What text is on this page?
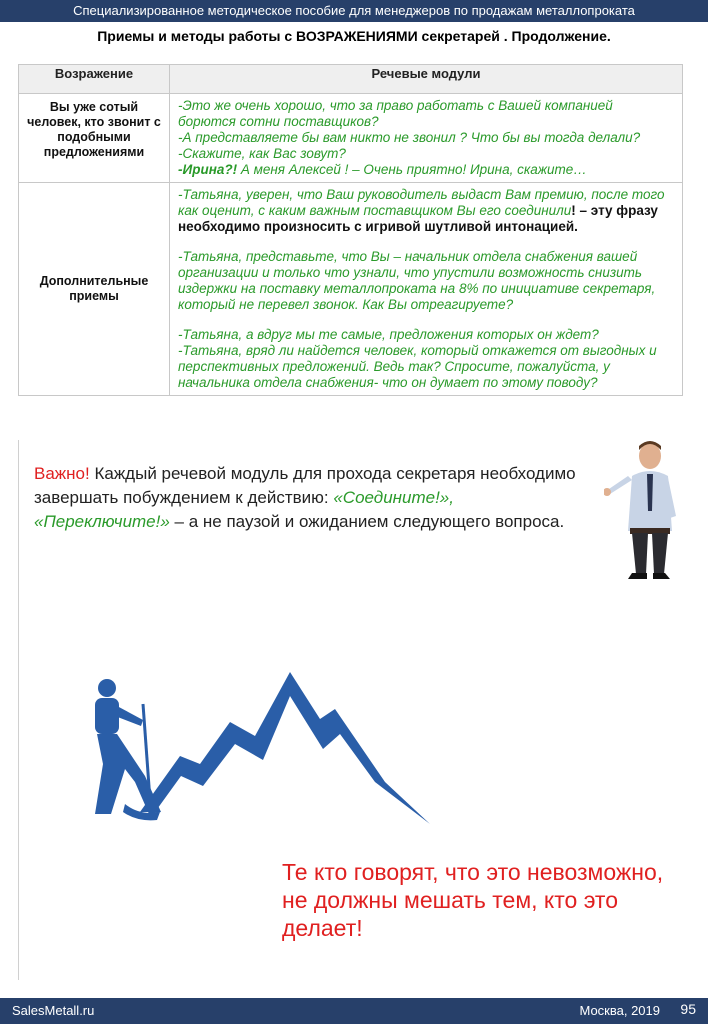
Специализированное методическое пособие для менеджеров по продажам металлопроката
Приемы и методы работы с ВОЗРАЖЕНИЯМИ секретарей . Продолжение.
Возражение	Речевые модули
Вы уже сотый человек, кто звонит с подобными предложениями	-Это же очень хорошо, что за право работать с Вашей компанией борются сотни поставщиков?

-А представляете бы вам никто не звонил ? Что бы вы тогда делали?

-Скажите, как Вас зовут?

-Ирина?! А меня Алексей ! – Очень приятно! Ирина, скажите…

Дополнительные приемы	-Татьяна, уверен, что Ваш руководитель выдаст Вам премию, после того как оценит, с каким важным поставщиком Вы его соединили! – эту фразу необходимо произносить с игривой шутливой интонацией.

-Татьяна, представьте, что Вы – начальник отдела снабжения вашей организации и только что узнали, что упустили возможность снизить издержки на поставку металлопроката на 8% по инициативе секретаря, который не перевел звонок. Как Вы отреагируете?

-Татьяна, а вдруг мы те самые, предложения которых он ждет?

-Татьяна, вряд ли найдется человек, который откажется от выгодных и перспективных предложений. Ведь так? Спросите, пожалуйста, у начальника отдела снабжения- что он думает по этому поводу?

Важно! Каждый речевой модуль для прохода секретаря необходимо завершать побуждением к действию: «Соедините!», «Переключите!» – а не паузой и ожиданием следующего вопроса.
Те кто говорят, что это невозможно, не должны мешать тем, кто это делает!
SalesMetall.ru	Москва, 2019 95
